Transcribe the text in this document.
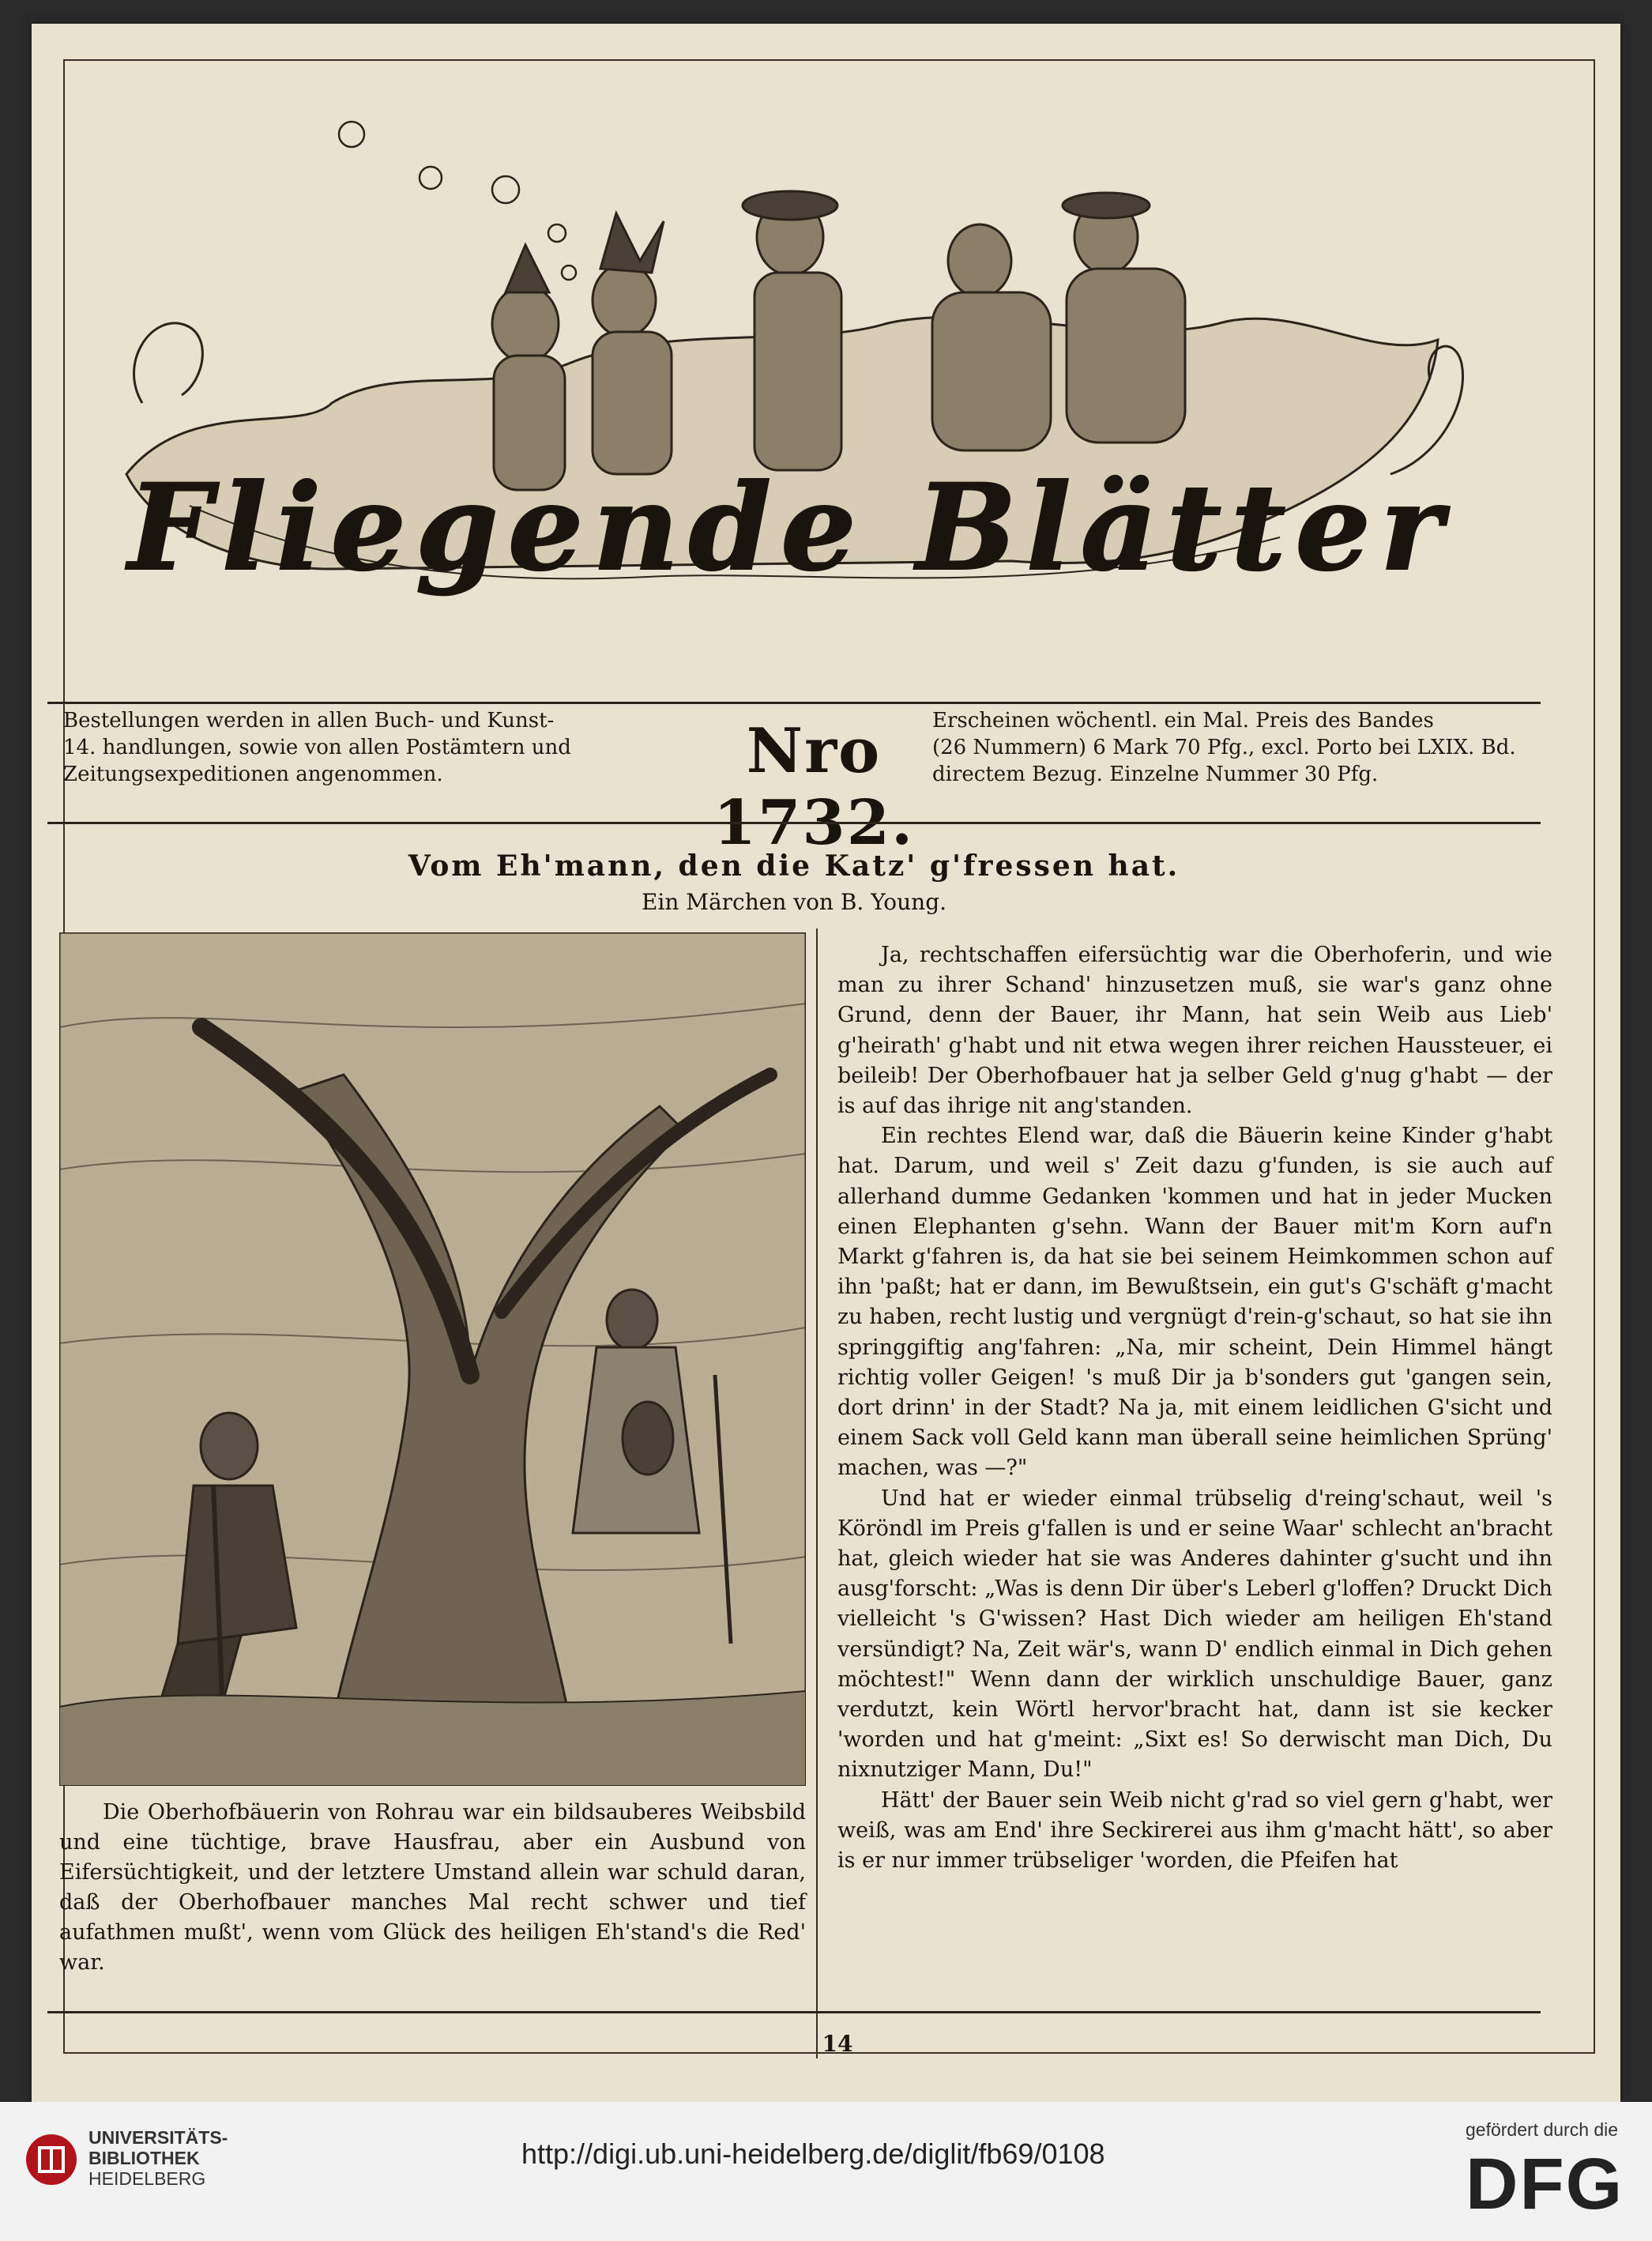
Fliegende Blätter
Bestellungen werden in allen Buch- und Kunst-
14. handlungen, sowie von allen Postämtern und
Zeitungsexpeditionen angenommen.	Nro 1732.
Erscheinen wöchentl. ein Mal. Preis des Bandes
(26 Nummern) 6 Mark 70 Pfg., excl. Porto bei LXIX. Bd.
directem Bezug. Einzelne Nummer 30 Pfg.
Vom Eh'mann, den die Katz' g'fressen hat.
Ein Märchen von B. Young.

Die Oberhofbäuerin von Rohrau war ein bildsauberes Weibsbild und eine tüchtige, brave Hausfrau, aber ein Ausbund von Eifersüchtigkeit, und der letztere Umstand allein war schuld daran, daß der Oberhofbauer manches Mal recht schwer und tief aufathmen mußt', wenn vom Glück des heiligen Eh'stand's die Red' war.

Ja, rechtschaffen eifersüchtig war die Oberhoferin, und wie man zu ihrer Schand' hinzusetzen muß, sie war's ganz ohne Grund, denn der Bauer, ihr Mann, hat sein Weib aus Lieb' g'heirath' g'habt und nit etwa wegen ihrer reichen Haussteuer, ei beileib! Der Oberhofbauer hat ja selber Geld g'nug g'habt — der is auf das ihrige nit ang'standen.

Ein rechtes Elend war, daß die Bäuerin keine Kinder g'habt hat. Darum, und weil s' Zeit dazu g'funden, is sie auch auf allerhand dumme Gedanken 'kommen und hat in jeder Mucken einen Elephanten g'sehn. Wann der Bauer mit'm Korn auf'n Markt g'fahren is, da hat sie bei seinem Heimkommen schon auf ihn 'paßt; hat er dann, im Bewußtsein, ein gut's G'schäft g'macht zu haben, recht lustig und vergnügt d'rein-g'schaut, so hat sie ihn springgiftig ang'fahren: „Na, mir scheint, Dein Himmel hängt richtig voller Geigen! 's muß Dir ja b'sonders gut 'gangen sein, dort drinn' in der Stadt? Na ja, mit einem leidlichen G'sicht und einem Sack voll Geld kann man überall seine heimlichen Sprüng' machen, was —?"

Und hat er wieder einmal trübselig d'reing'schaut, weil 's Köröndl im Preis g'fallen is und er seine Waar' schlecht an'bracht hat, gleich wieder hat sie was Anderes dahinter g'sucht und ihn ausg'forscht: „Was is denn Dir über's Leberl g'loffen? Druckt Dich vielleicht 's G'wissen? Hast Dich wieder am heiligen Eh'stand versündigt? Na, Zeit wär's, wann D' endlich einmal in Dich gehen möchtest!" Wenn dann der wirklich unschuldige Bauer, ganz verdutzt, kein Wörtl hervor'bracht hat, dann ist sie kecker 'worden und hat g'meint: „Sixt es! So derwischt man Dich, Du nixnutziger Mann, Du!"

Hätt' der Bauer sein Weib nicht g'rad so viel gern g'habt, wer weiß, was am End' ihre Seckirerei aus ihm g'macht hätt', so aber is er nur immer trübseliger 'worden, die Pfeifen hat

14
UNIVERSITÄTS-
BIBLIOTHEK
HEIDELBERG
http://digi.ub.uni-heidelberg.de/diglit/fb69/0108
gefördert durch die
DFG
